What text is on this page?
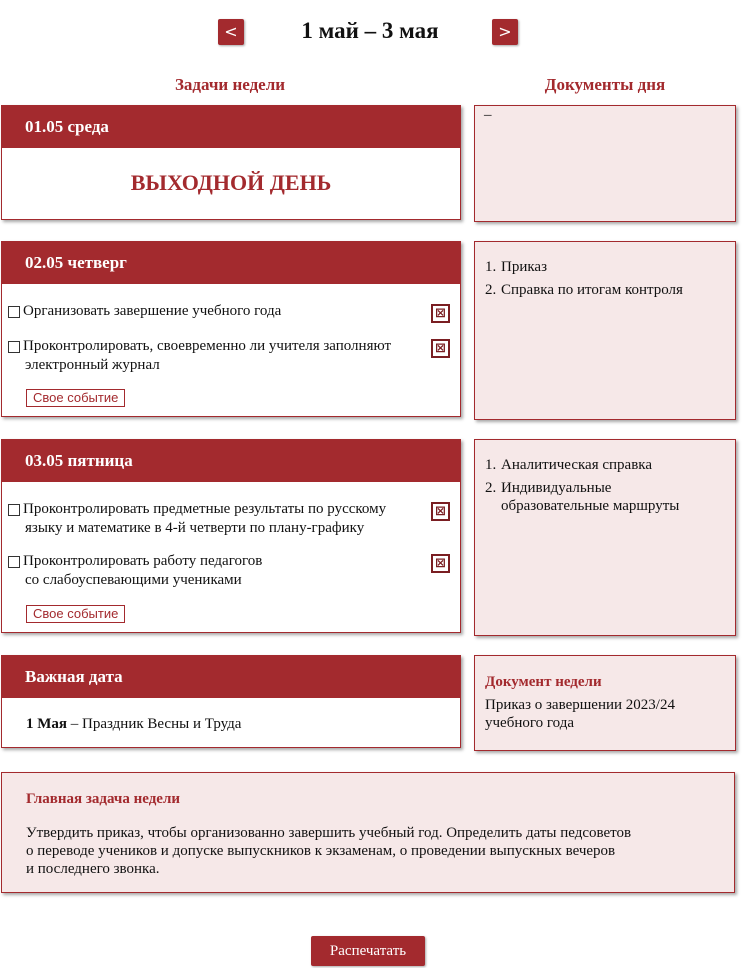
<	1 май – 3 мая	>
Задачи недели	Документы дня
01.05 среда
ВЫХОДНОЙ ДЕНЬ
–
02.05 четверг
Организовать завершение учебного года	⊠
Проконтролировать, своевременно ли учителя заполняют
электронный журнал
⊠
Свое событие
1. Приказ
2. Справка по итогам контроля
03.05 пятница
Проконтролировать предметные результаты по русскому
языку и математике в 4-й четверти по плану-графику
⊠
Проконтролировать работу педагогов
со слабоуспевающими учениками
⊠
Свое событие
1. Аналитическая справка
2. Индивидуальные
образовательные маршруты
Важная дата
1 Мая – Праздник Весны и Труда
Документ недели
Приказ о завершении 2023/24
учебного года
Главная задача недели
Утвердить приказ, чтобы организованно завершить учебный год. Определить даты педсоветов
о переводе учеников и допуске выпускников к экзаменам, о проведении выпускных вечеров
и последнего звонка.
Распечатать
